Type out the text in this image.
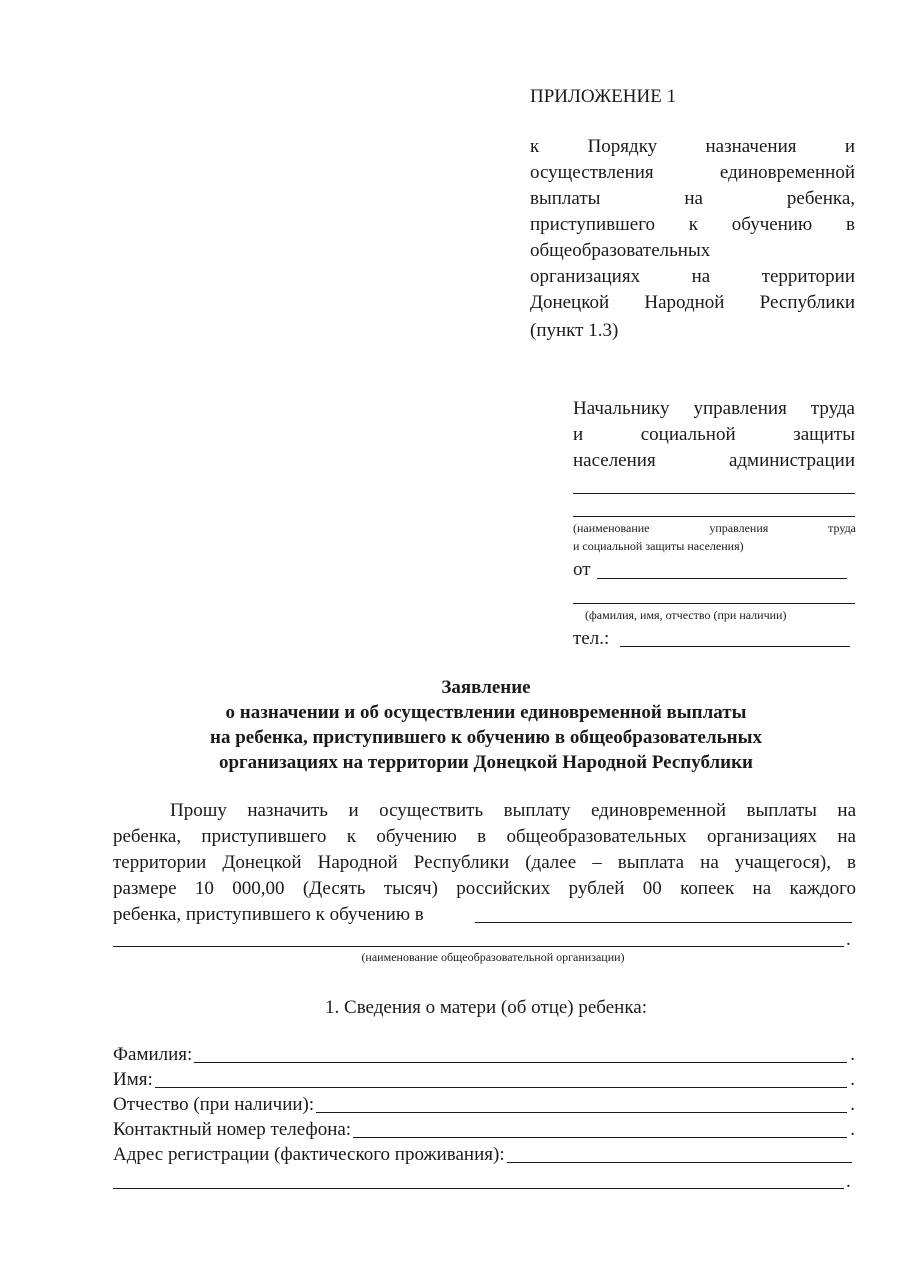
ПРИЛОЖЕНИЕ 1
к Порядку назначения и
осуществления единовременной
выплаты на ребенка,
приступившего к обучению в
общеобразовательных
организациях на территории
Донецкой Народной Республики
(пункт 1.3)
Начальнику управления труда
и социальной защиты
населения администрации
(наименование управления труда
и социальной защиты населения)
от
(фамилия, имя, отчество (при наличии)
тел.:
Заявление
о назначении и об осуществлении единовременной выплаты
на ребенка, приступившего к обучению в общеобразовательных
организациях на территории Донецкой Народной Республики
Прошу назначить и осуществить выплату единовременной выплаты на
ребенка, приступившего к обучению в общеобразовательных организациях на
территории Донецкой Народной Республики (далее – выплата на учащегося), в
размере 10 000,00 (Десять тысяч) российских рублей 00 копеек на каждого
ребенка, приступившего к обучению в
.
(наименование общеобразовательной организации)
1. Сведения о матери (об отце) ребенка:
Фамилия:	.
Имя:	.
Отчество (при наличии):	.
Контактный номер телефона:	.
Адрес регистрации (фактического проживания):
.
